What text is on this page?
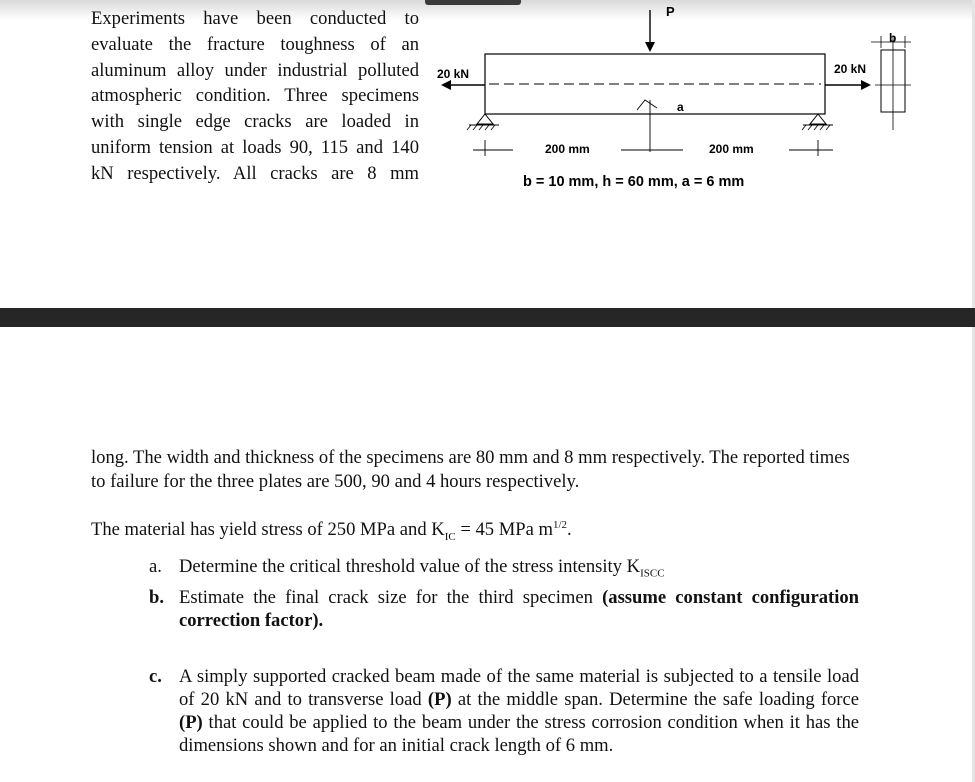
Experiments have been conducted to
evaluate the fracture toughness of an
aluminum alloy under industrial polluted
atmospheric condition. Three specimens
with single edge cracks are loaded in
uniform tension at loads 90, 115 and 140
kN respectively. All cracks are 8 mm
P
20 kN	20 kN
a
200 mm	200 mm
b = 10 mm, h = 60 mm, a = 6 mm
b
long. The width and thickness of the specimens are 80 mm and 8 mm respectively. The reported times to failure for the three plates are 500, 90 and 4 hours respectively.
The material has yield stress of 250 MPa and $K_{IC} = 45$ MPa $m^{1/2}$.
a. Determine the critical threshold value of the stress intensity $K_{ISCC}$
b. Estimate the final crack size for the third specimen (assume constant configuration correction factor).
c. A simply supported cracked beam made of the same material is subjected to a tensile load of 20 kN and to transverse load (P) at the middle span. Determine the safe loading force (P) that could be applied to the beam under the stress corrosion condition when it has the dimensions shown and for an initial crack length of 6 mm.
